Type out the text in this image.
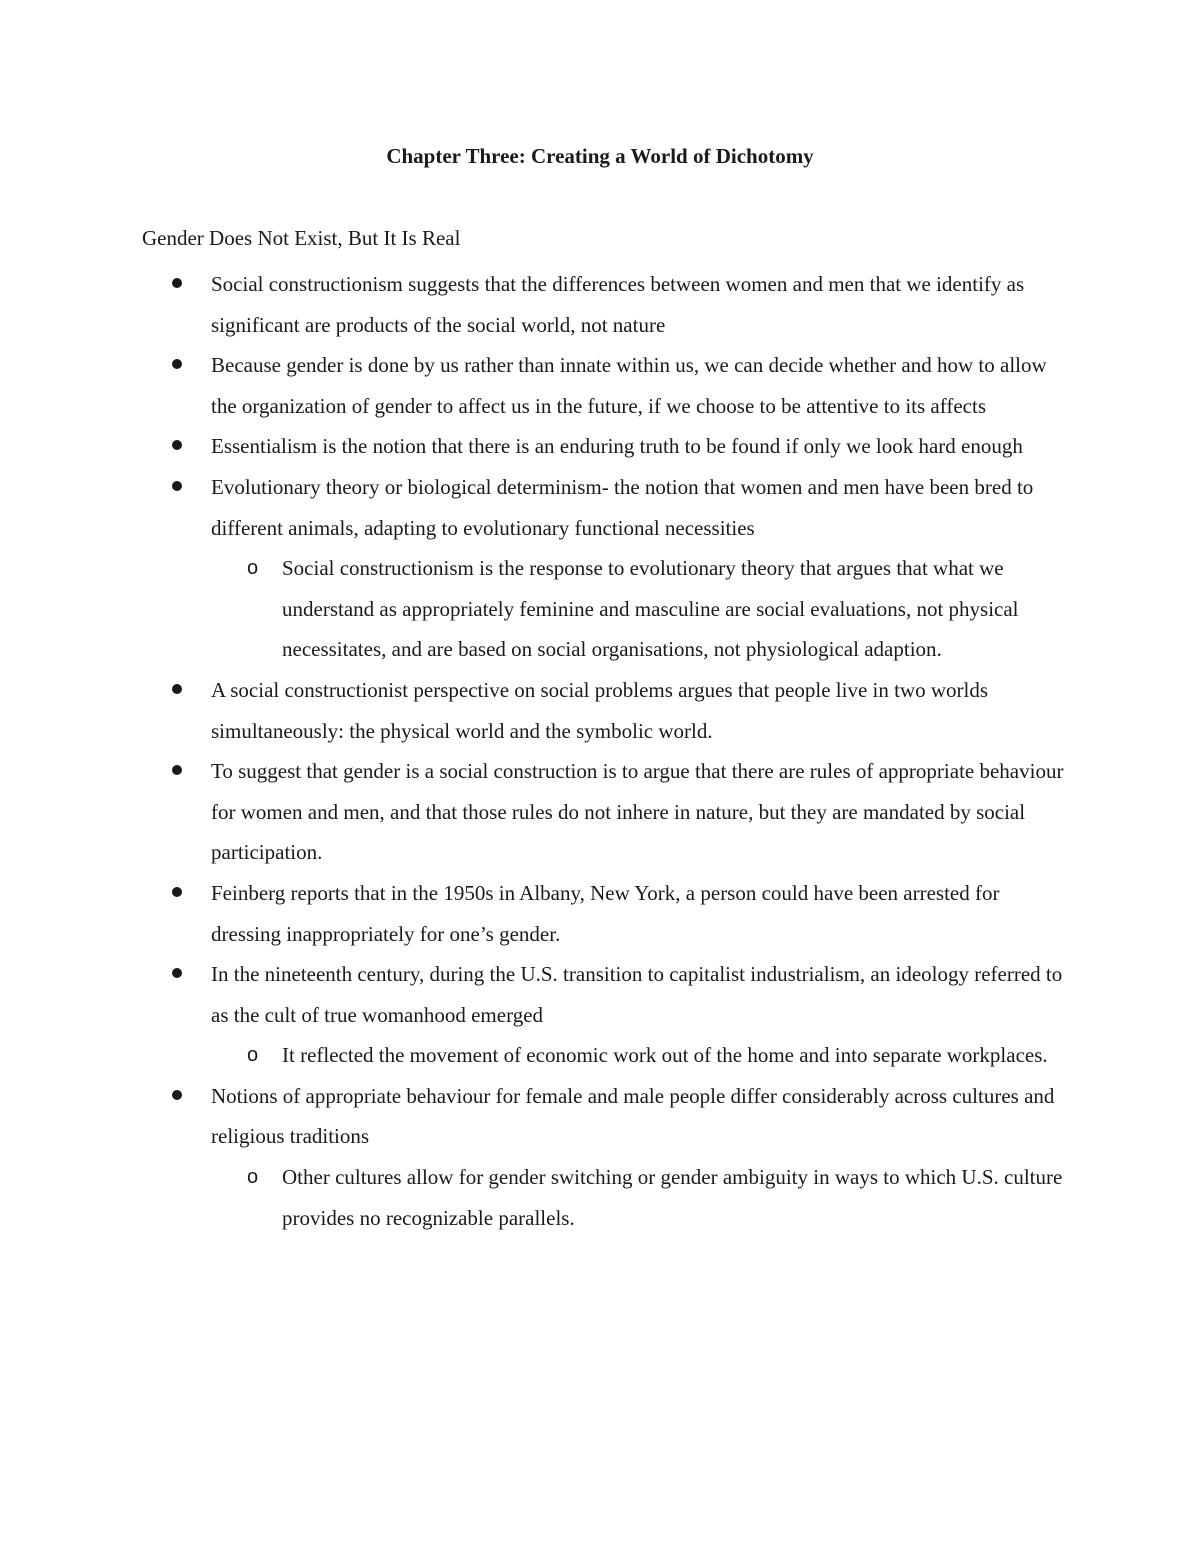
Chapter Three: Creating a World of Dichotomy

Gender Does Not Exist, But It Is Real

Social constructionism suggests that the differences between women and men that we identify as significant are products of the social world, not nature
Because gender is done by us rather than innate within us, we can decide whether and how to allow the organization of gender to affect us in the future, if we choose to be attentive to its affects
Essentialism is the notion that there is an enduring truth to be found if only we look hard enough
Evolutionary theory or biological determinism- the notion that women and men have been bred to different animals, adapting to evolutionary functional necessities
o Social constructionism is the response to evolutionary theory that argues that what we understand as appropriately feminine and masculine are social evaluations, not physical necessitates, and are based on social organisations, not physiological adaption.
A social constructionist perspective on social problems argues that people live in two worlds simultaneously: the physical world and the symbolic world.
To suggest that gender is a social construction is to argue that there are rules of appropriate behaviour for women and men, and that those rules do not inhere in nature, but they are mandated by social participation.
Feinberg reports that in the 1950s in Albany, New York, a person could have been arrested for dressing inappropriately for one’s gender.
In the nineteenth century, during the U.S. transition to capitalist industrialism, an ideology referred to as the cult of true womanhood emerged
o It reflected the movement of economic work out of the home and into separate workplaces.
Notions of appropriate behaviour for female and male people differ considerably across cultures and religious traditions
o Other cultures allow for gender switching or gender ambiguity in ways to which U.S. culture provides no recognizable parallels.
